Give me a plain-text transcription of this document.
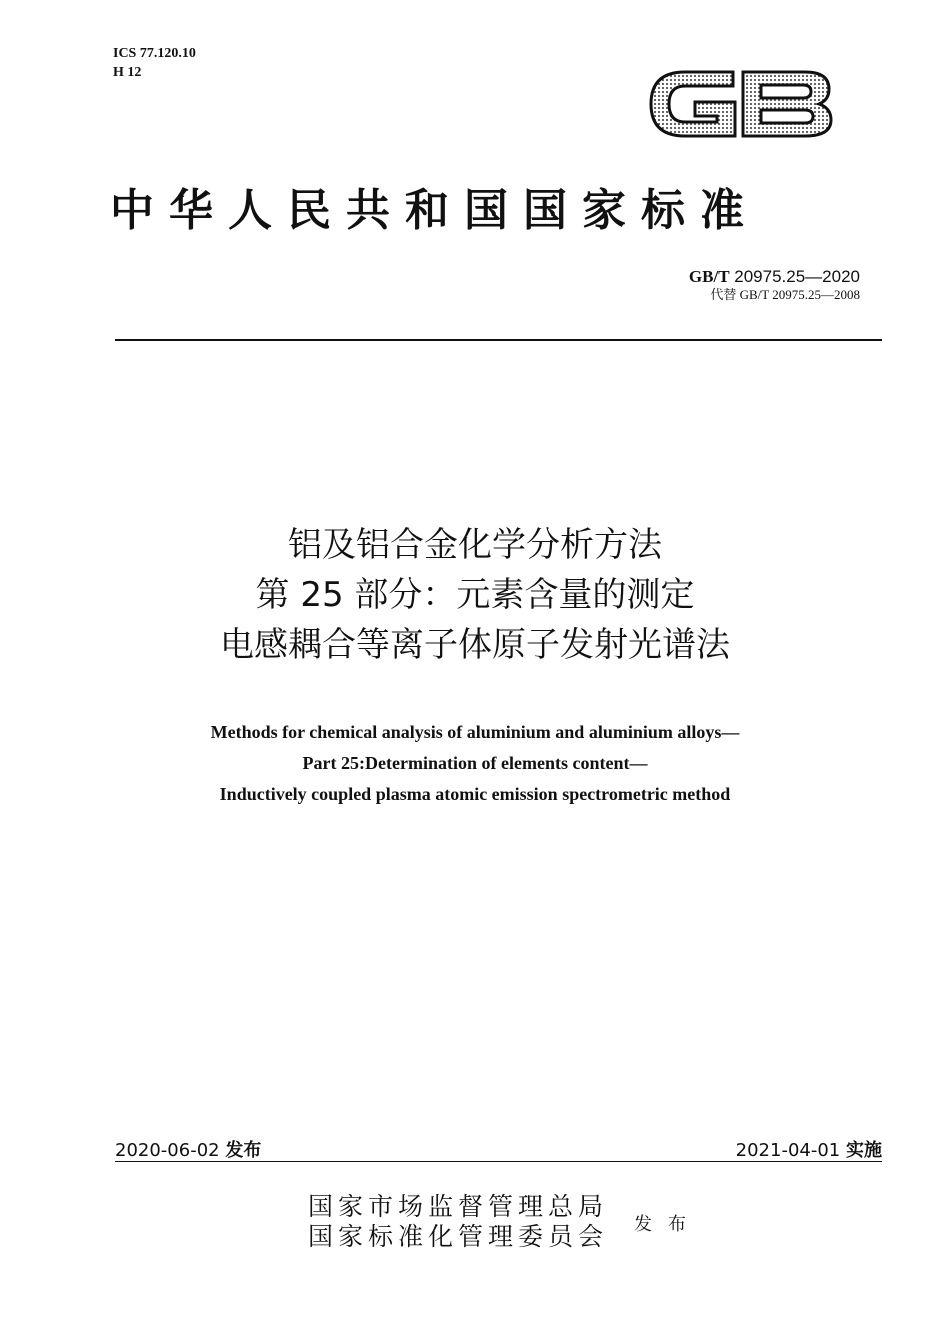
ICS 77.120.10
H 12
中华人民共和国国家标准
GB/T 20975.25—2020
代替 GB/T 20975.25—2008
铝及铝合金化学分析方法
第 25 部分：元素含量的测定
电感耦合等离子体原子发射光谱法
Methods for chemical analysis of aluminium and aluminium alloys—
Part 25:Determination of elements content—
Inductively coupled plasma atomic emission spectrometric method
2020-06-02 发布	2021-04-01 实施
国家市场监督管理总局
国家标准化管理委员会 发布
